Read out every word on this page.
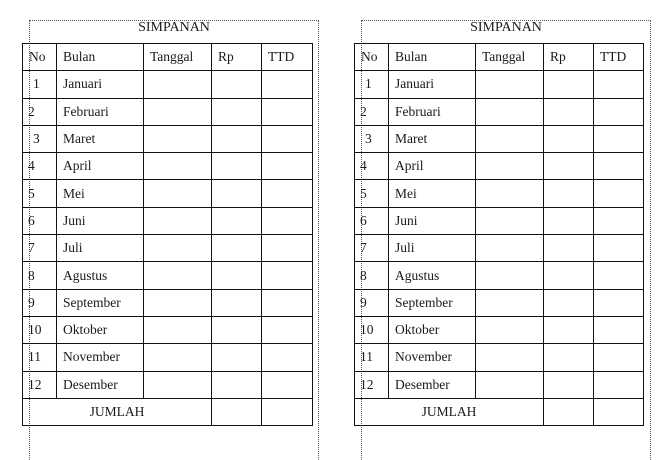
SIMPANAN
No	Bulan	Tanggal	Rp	TTD
1	Januari			
2	Februari			
3	Maret			
4	April			
5	Mei			
6	Juni			
7	Juli			
8	Agustus			
9	September			
10	Oktober			
11	November			
12	Desember			
JUMLAH				
SIMPANAN
No	Bulan	Tanggal	Rp	TTD
1	Januari			
2	Februari			
3	Maret			
4	April			
5	Mei			
6	Juni			
7	Juli			
8	Agustus			
9	September			
10	Oktober			
11	November			
12	Desember			
JUMLAH				
